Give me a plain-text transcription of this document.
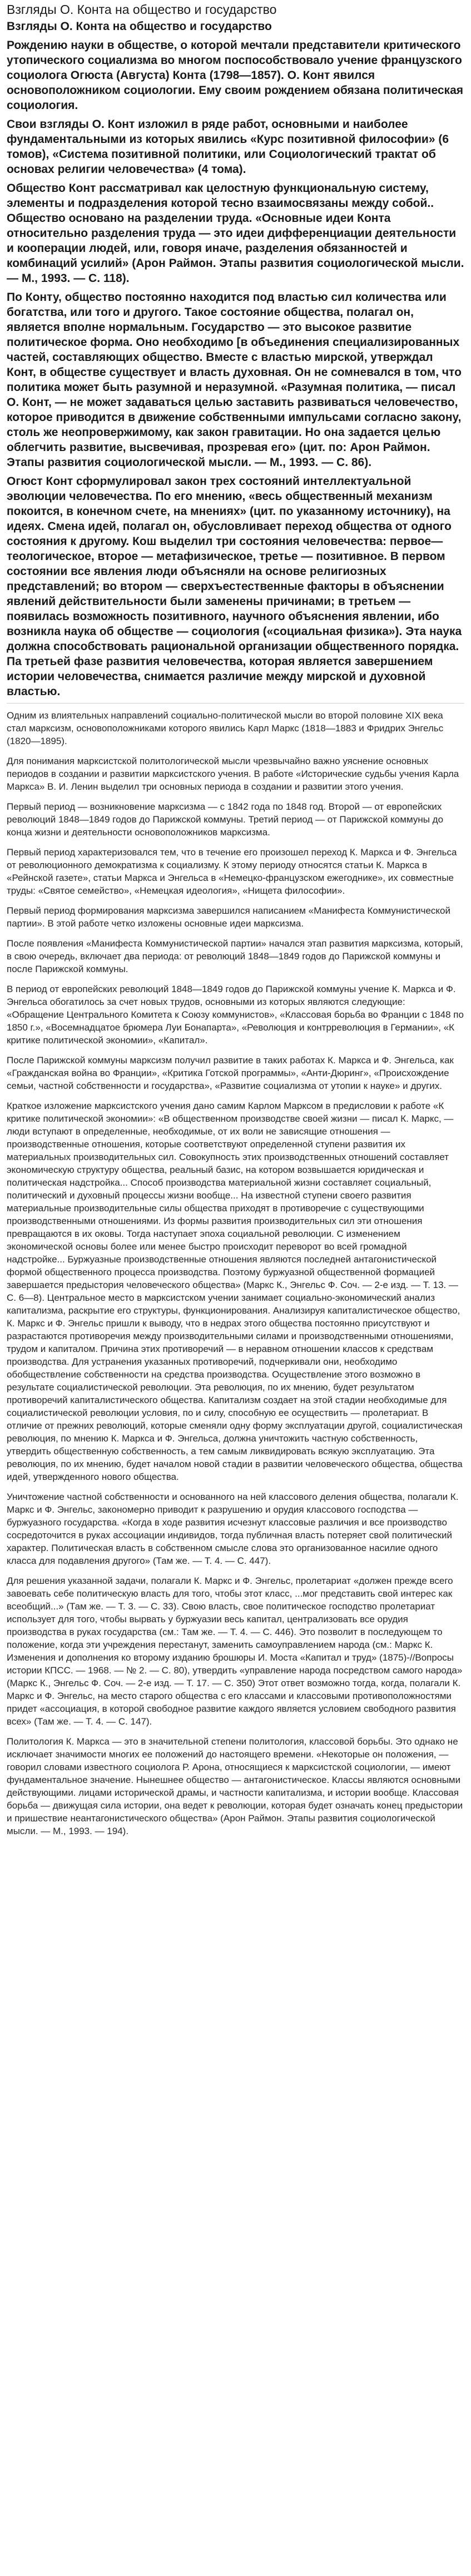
Взгляды О. Конта на общество и государство
Взгляды О. Конта на общество и государство

Рождению науки в обществе, о которой мечтали представители критического утопического социализма во многом поспособствовало учение французского социолога Огюста (Августа) Конта (1798—1857). О. Конт явился основоположником социологии. Ему своим рождением обязана политическая социология.

Свои взгляды О. Конт изложил в ряде работ, основными и наиболее фундаментальными из которых явились «Курс позитивной философии» (6 томов), «Система позитивной политики, или Социологический трактат об основах религии человечества» (4 тома).

Общество Конт рассматривал как целостную функциональную систему, элементы и подразделения которой тесно взаимосвязаны между собой.. Общество основано на разделении труда. «Основные идеи Конта относительно разделения труда — это идеи дифференциации деятельности и кооперации людей, или, говоря иначе, разделения обязанностей и комбинаций усилий» (Арон Раймон. Этапы развития социологической мысли. — М., 1993. — С. 118).

По Конту, общество постоянно находится под властью сил количества или богатства, или того и другого. Такое состояние общества, полагал он, является вполне нормальным. Государство — это высокое развитие политическое форма. Оно необходимо [в объединения специализированных частей, составляющих общество. Вместе с властью мирской, утверждал Конт, в обществе существует и власть духовная. Он не сомневался в том, что политика может быть разумной и неразумной. «Разумная политика, — писал О. Конт, — не может задаваться целью заставить развиваться человечество, которое приводится в движение собственными импульсами согласно закону, столь же неопровержимому, как закон гравитации. Но она задается целью облегчить развитие, высвечивая, прозревая его» (цит. по: Арон Раймон. Этапы развития социологической мысли. — М., 1993. — С. 86).

Огюст Конт сформулировал закон трех состояний интеллектуальной эволюции человечества. По его мнению, «весь общественный механизм покоится, в конечном счете, на мнениях» (цит. по указанному источнику), на идеях. Смена идей, полагал он, обусловливает переход общества от одного состояния к другому. Кош выделил три состояния человечества: первое— теологическое, второе — метафизическое, третье — позитивное. В первом состоянии все явления люди объясняли на основе религиозных представлений; во втором — сверхъестественные факторы в объяснении явлений действительности были заменены причинами; в третьем — появилась возможность позитивного, научного объяснения явлении, ибо возникла наука об обществе — социология («социальная физика»). Эта наука должна способствовать рациональной организации общественного порядка. Па третьей фазе развития человечества, которая является завершением истории человечества, снимается различие между мирской и духовной властью.

Одним из влиятельных направлений социально-политической мысли во второй половине XIX века стал марксизм, основоположниками которого явились Карл Маркс (1818—1883 и Фридрих Энгельс (1820—1895).

Для понимания марксистской политологической мысли чрезвычайно важно уяснение основных периодов в создании и развитии марксистского учения. В работе «Исторические судьбы учения Карла Маркса» В. И. Ленин выделил три основных периода в создании и развитии этого учения.

Первый период — возникновение марксизма — с 1842 года по 1848 год. Второй — от европейских революций 1848—1849 годов до Парижской коммуны. Третий период — от Парижской коммуны до конца жизни и деятельности основоположников марксизма.

Первый период характеризовался тем, что в течение его произошел переход К. Маркса и Ф. Энгельса от революционного демократизма к социализму. К этому периоду относятся статьи К. Маркса в «Рейнской газете», статьи Маркса и Энгельса в «Немецко-французском ежегоднике», их совместные труды: «Святое семейство», «Немецкая идеология», «Нищета философии».

Первый период формирования марксизма завершился написанием «Манифеста Коммунистической партии». В этой работе четко изложены основные идеи марксизма.

После появления «Манифеста Коммунистической партии» начался этап развития марксизма, который, в свою очередь, включает два периода: от революций 1848—1849 годов до Парижской коммуны и после Парижской коммуны.

В период от европейских революций 1848—1849 годов до Парижской коммуны учение К. Маркса и Ф. Энгельса обогатилось за счет новых трудов, основными из которых являются следующие: «Обращение Центрального Комитета к Союзу коммунистов», «Классовая борьба во Франции с 1848 по 1850 г.», «Восемнадцатое брюмера Луи Бонапарта», «Революция и контрреволюция в Германии», «К критике политической экономии», «Капитал».

После Парижской коммуны марксизм получил развитие в таких работах К. Маркса и Ф. Энгельса, как «Гражданская война во Франции», «Критика Готской программы», «Анти-Дюринг», «Происхождение семьи, частной собственности и государства», «Развитие социализма от утопии к науке» и других.

Краткое изложение марксистского учения дано самим Карлом Марксом в предисловии к работе «К критике политической экономии»: «В общественном производстве своей жизни — писал К. Маркс, — люди вступают в определенные, необходимые, от их воли не зависящие отношения — производственные отношения, которые соответствуют определенной ступени развития их материальных производительных сил. Совокупность этих производственных отношений составляет экономическую структуру общества, реальный базис, на котором возвышается юридическая и политическая надстройка... Способ производства материальной жизни составляет социальный, политический и духовный процессы жизни вообще... На известной ступени своего развития материальные производительные силы общества приходят в противоречие с существующими производственными отношениями. Из формы развития производительных сил эти отношения превращаются в их оковы. Тогда наступает эпоха социальной революции. С изменением экономической основы более или менее быстро происходит переворот во всей громадной надстройке... Буржуазные производственные отношения являются последней антагонистической формой общественного процесса производства. Поэтому буржуазной общественной формацией завершается предыстория человеческого общества» (Маркс К., Энгельс Ф. Соч. — 2-е изд. — Т. 13. — С. 6—8). Центральное место в марксистском учении занимает социально-экономический анализ капитализма, раскрытие его структуры, функционирования. Анализируя капиталистическое общество, К. Маркс и Ф. Энгельс пришли к выводу, что в недрах этого общества постоянно присутствуют и разрастаются противоречия между производительными силами и производственными отношениями, трудом и капиталом. Причина этих противоречий — в неравном отношении классов к средствам производства. Для устранения указанных противоречий, подчеркивали они, необходимо обобществление собственности на средства производства. Осуществление этого возможно в результате социалистической революции. Эта революция, по их мнению, будет результатом противоречий капиталистического общества. Капитализм создает на этой стадии необходимые для социалистической революции условия, по и силу, способную ее осуществить — пролетариат. В отличие от прежних революций, которые сменяли одну форму эксплуатации другой, социалистическая революция, по мнению К. Маркса и Ф. Энгельса, должна уничтожить частную собственность, утвердить общественную собственность, а тем самым ликвидировать всякую эксплуатацию. Эта революция, по их мнению, будет началом новой стадии в развитии человеческого общества, общества идей, утвержденного нового общества.

Уничтожение частной собственности и основанного на ней классового деления общества, полагали К. Маркс и Ф. Энгельс, закономерно приводит к разрушению и орудия классового господства — буржуазного государства. «Когда в ходе развития исчезнут классовые различия и все производство сосредоточится в руках ассоциации индивидов, тогда публичная власть потеряет свой политический характер. Политическая власть в собственном смысле слова это организованное насилие одного класса для подавления другого» (Там же. — Т. 4. — С. 447).

Для решения указанной задачи, полагали К. Маркс и Ф. Энгельс, пролетариат «должен прежде всего завоевать себе политическую власть для того, чтобы этот класс, ...мог представить свой интерес как всеобщий...» (Там же. — Т. 3. — С. 33). Свою власть, свое политическое господство пролетариат использует для того, чтобы вырвать у буржуазии весь капитал, централизовать все орудия производства в руках государства (см.: Там же. — Т. 4. — С. 446). Это позволит в последующем то положение, когда эти учреждения перестанут, заменить самоуправлением народа (см.: Маркс К. Изменения и дополнения ко второму изданию брошюры И. Моста «Капитал и труд» (1875)-//Вопросы истории КПСС. — 1968. — № 2. — С. 80), утвердить «управление народа посредством самого народа» (Маркс К., Энгельс Ф. Соч. — 2-е изд. — Т. 17. — С. 350) Этот ответ возможно тогда, когда, полагали К. Маркс и Ф. Энгельс, на место старого общества с его классами и классовыми противоположностями придет «ассоциация, в которой свободное развитие каждого является условием свободного развития всех» (Там же. — Т. 4. — С. 147).

Политология К. Маркса — это в значительной степени политология, классовой борьбы. Это однако не исключает значимости многих ее положений до настоящего времени. «Некоторые он положения, — говорил словами известного социолога Р. Арона, относящиеся к марксистской социологии, — имеют фундаментальное значение. Нынешнее общество — антагонистическое. Классы являются основными действующими. лицами исторической драмы, и частности капитализма, и истории вообще. Классовая борьба — движущая сила истории, она ведет к революции, которая будет означать конец предыстории и пришествие неантагонистического общества» (Арон Раймон. Этапы развития социологической мысли. — М., 1993. — 194).
